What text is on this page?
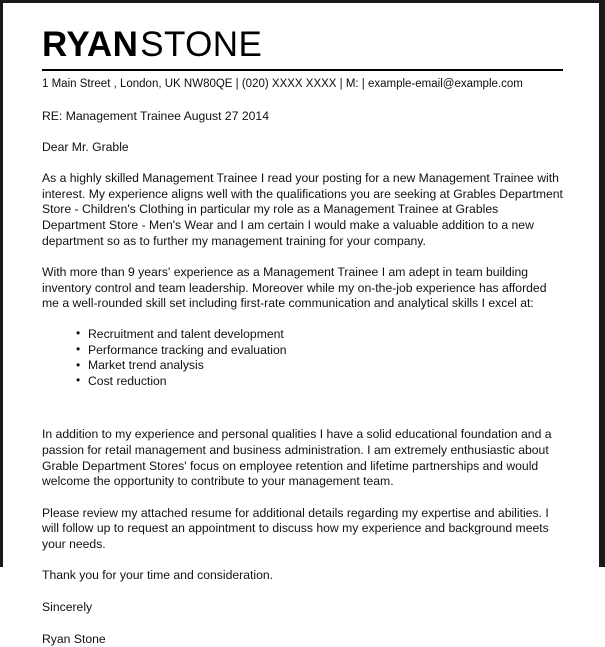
RYANSTONE
1 Main Street , London, UK NW80QE | (020) XXXX XXXX | M: | example-email@example.com
RE: Management Trainee August 27 2014
Dear Mr. Grable

As a highly skilled Management Trainee I read your posting for a new Management Trainee with interest. My experience aligns well with the qualifications you are seeking at Grables Department Store - Children's Clothing in particular my role as a Management Trainee at Grables Department Store - Men's Wear and I am certain I would make a valuable addition to a new department so as to further my management training for your company.

With more than 9 years' experience as a Management Trainee I am adept in team building inventory control and team leadership. Moreover while my on-the-job experience has afforded me a well-rounded skill set including first-rate communication and analytical skills I excel at:

• Recruitment and talent development
• Performance tracking and evaluation
• Market trend analysis
• Cost reduction

In addition to my experience and personal qualities I have a solid educational foundation and a passion for retail management and business administration. I am extremely enthusiastic about Grable Department Stores' focus on employee retention and lifetime partnerships and would welcome the opportunity to contribute to your management team.

Please review my attached resume for additional details regarding my expertise and abilities. I will follow up to request an appointment to discuss how my experience and background meets your needs.

Thank you for your time and consideration.
Sincerely
Ryan Stone
